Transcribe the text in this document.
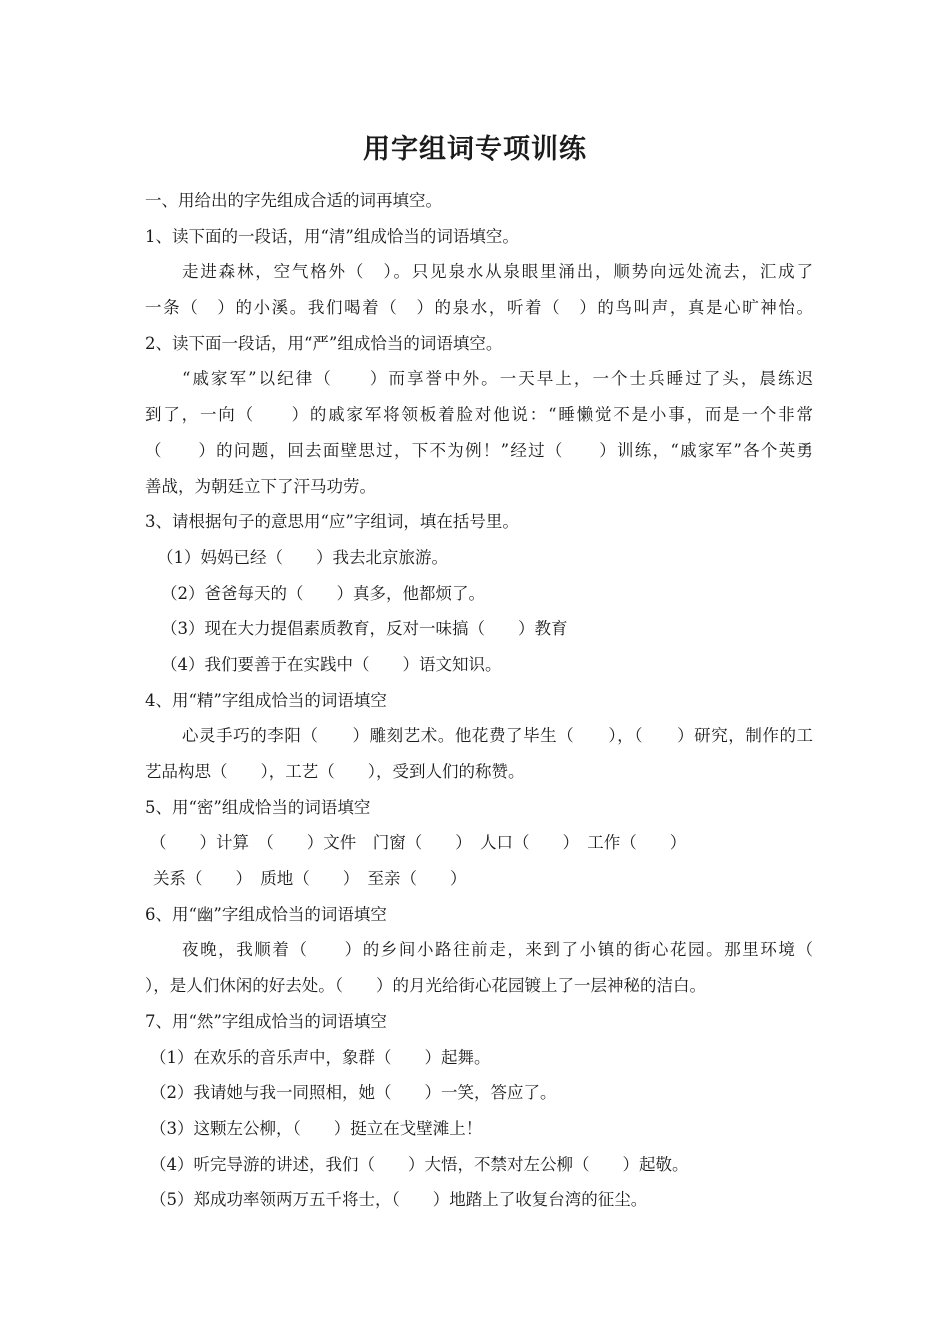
用字组词专项训练
一、用给出的字先组成合适的词再填空。
1、读下面的一段话，用“清”组成恰当的词语填空。
走进森林，空气格外（　）。只见泉水从泉眼里涌出，顺势向远处流去，汇成了
一条（　）的小溪。我们喝着（　）的泉水，听着（　）的鸟叫声，真是心旷神怡。
2、读下面一段话，用“严”组成恰当的词语填空。
“戚家军”以纪律（　　）而享誉中外。一天早上，一个士兵睡过了头，晨练迟
到了，一向（　　）的戚家军将领板着脸对他说：“睡懒觉不是小事，而是一个非常
（　　）的问题，回去面壁思过，下不为例！”经过（　　）训练，“戚家军”各个英勇
善战，为朝廷立下了汗马功劳。
3、请根据句子的意思用“应”字组词，填在括号里。
（1）妈妈已经（　　）我去北京旅游。
（2）爸爸每天的（　　）真多，他都烦了。
（3）现在大力提倡素质教育，反对一味搞（　　）教育
（4）我们要善于在实践中（　　）语文知识。
4、用“精”字组成恰当的词语填空
心灵手巧的李阳（　　）雕刻艺术。他花费了毕生（　　），（　　）研究，制作的工
艺品构思（　　），工艺（　　），受到人们的称赞。
5、用“密”组成恰当的词语填空
（　　）计算　（　　）文件　门窗（　　）　人口（　　）　工作（　　）
关系（　　）　质地（　　）　至亲（　　）
6、用“幽”字组成恰当的词语填空
夜晚，我顺着（　　）的乡间小路往前走，来到了小镇的街心花园。那里环境（
），是人们休闲的好去处。（　　）的月光给街心花园镀上了一层神秘的洁白。
7、用“然”字组成恰当的词语填空
（1）在欢乐的音乐声中，象群（　　）起舞。
（2）我请她与我一同照相，她（　　）一笑，答应了。
（3）这颗左公柳，（　　）挺立在戈壁滩上！
（4）听完导游的讲述，我们（　　）大悟，不禁对左公柳（　　）起敬。
（5）郑成功率领两万五千将士，（　　）地踏上了收复台湾的征尘。
